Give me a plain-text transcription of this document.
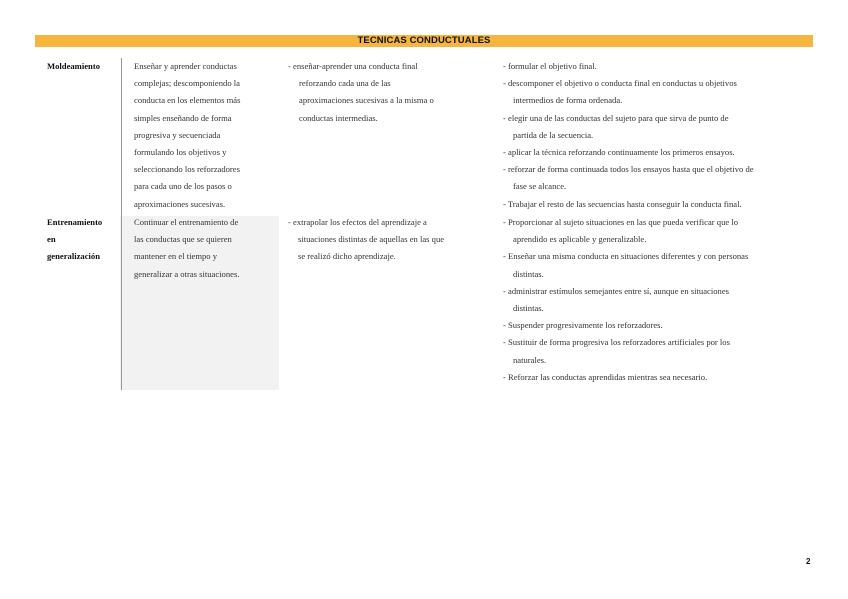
TECNICAS CONDUCTUALES
Moldeamiento	Enseñar y aprender conductas
complejas; descomponiendo la
conducta en los elementos más
simples enseñando de forma
progresiva y secuenciada
formulando los objetivos y
seleccionando los reforzadores
para cada uno de los pasos o
aproximaciones sucesivas.
- enseñar-aprender una conducta final
reforzando cada una de las
aproximaciones sucesivas a la misma o
conductas intermedias.
- formular el objetivo final.
- descomponer el objetivo o conducta final en conductas u objetivos
intermedios de forma ordenada.
- elegir una de las conductas del sujeto para que sirva de punto de
partida de la secuencia.
- aplicar la técnica reforzando continuamente los primeros ensayos.
- reforzar de forma continuada todos los ensayos hasta que el objetivo de
fase se alcance.
- Trabajar el resto de las secuencias hasta conseguir la conducta final.
Entrenamiento
en
generalización
Continuar el entrenamiento de
las conductas que se quieren
mantener en el tiempo y
generalizar a otras situaciones.
- extrapolar los efectos del aprendizaje a
situaciones distintas de aquellas en las que
se realizó dicho aprendizaje.
- Proporcionar al sujeto situaciones en las que pueda verificar que lo
aprendido es aplicable y generalizable.
- Enseñar una misma conducta en situaciones diferentes y con personas
distintas.
- administrar estímulos semejantes entre sí, aunque en situaciones
distintas.
- Suspender progresivamente los reforzadores.
- Sustituir de forma progresiva los reforzadores artificiales por los
naturales.
- Reforzar las conductas aprendidas mientras sea necesario.
2
